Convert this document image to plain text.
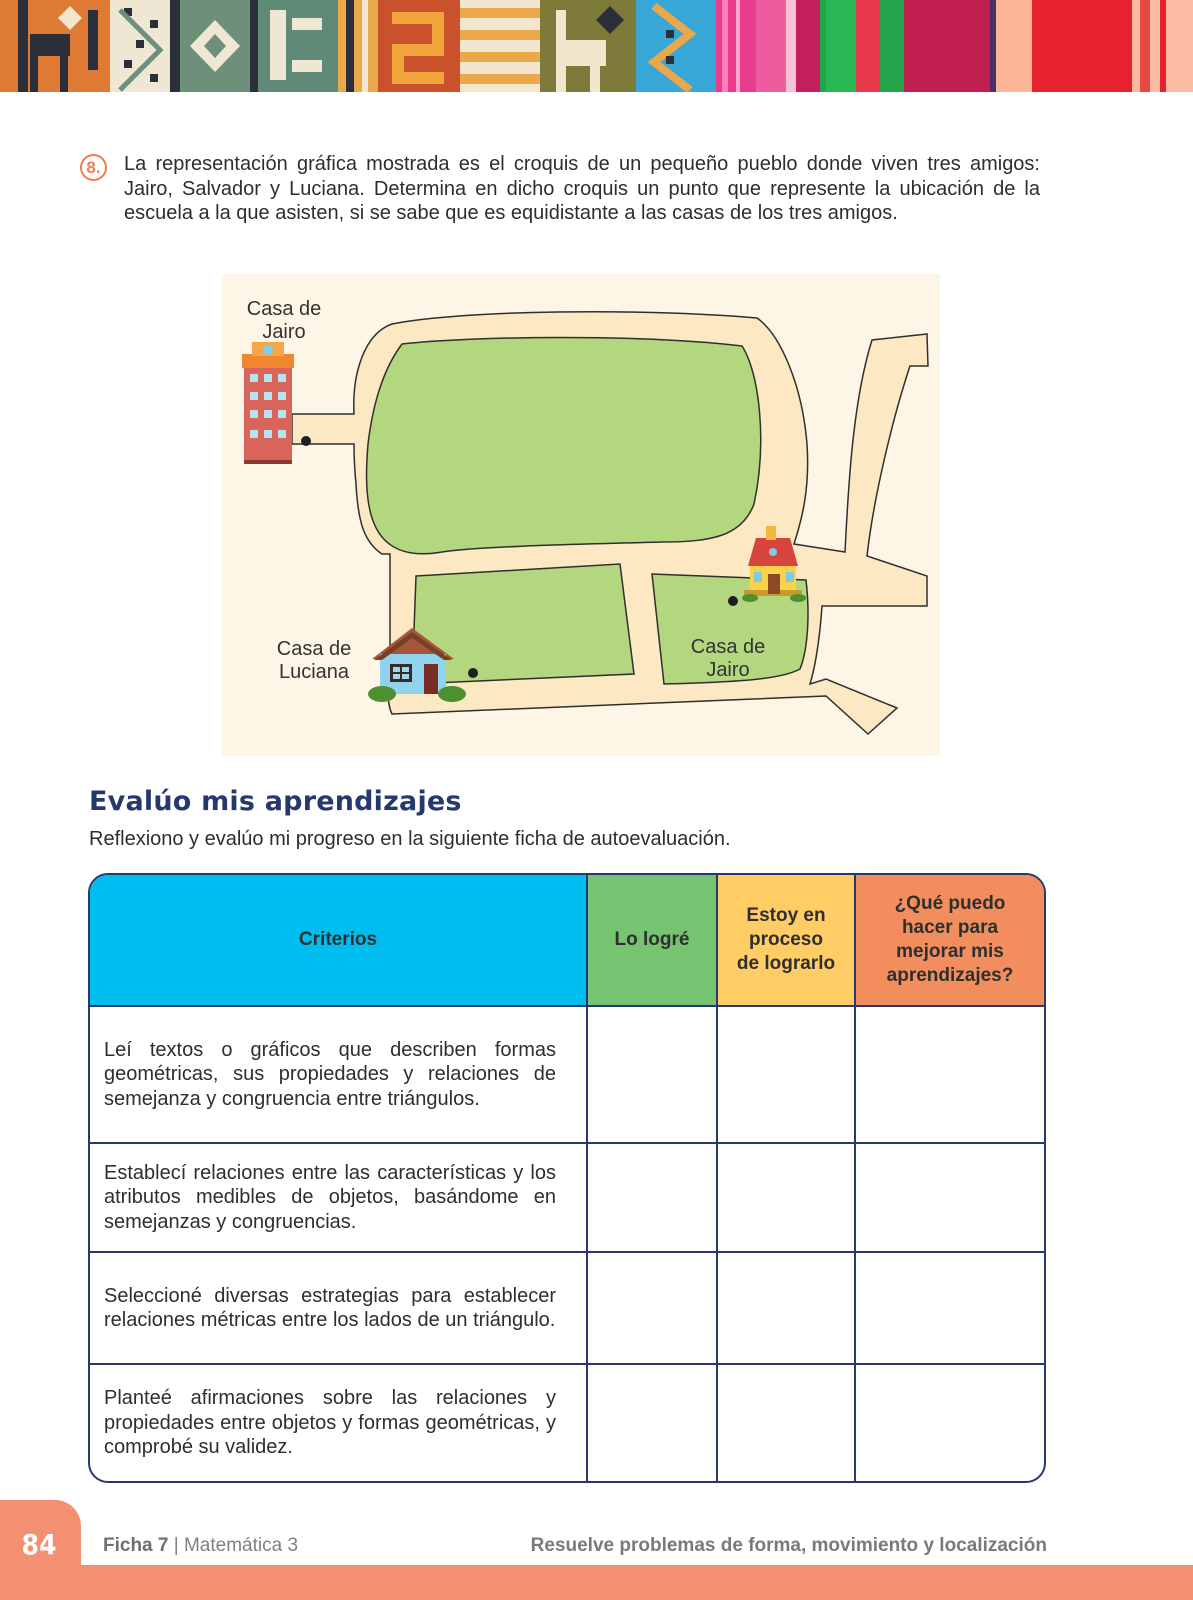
8.	La representación gráfica mostrada es el croquis de un pequeño pueblo donde viven tres amigos: Jairo, Salvador y Luciana. Determina en dicho croquis un punto que represente la ubicación de la escuela a la que asisten, si se sabe que es equidistante a las casas de los tres amigos.

Casa de
Jairo
Casa de
Luciana
Casa de
Jairo
Evalúo mis aprendizajes

Reflexiono y evalúo mi progreso en la siguiente ficha de autoevaluación.

Criterios	Lo logré	Estoy en
proceso
de lograrlo	¿Qué puedo
hacer para
mejorar mis
aprendizajes?
Leí textos o gráficos que describen formas geométricas, sus propiedades y relaciones de semejanza y congruencia entre triángulos.			
Establecí relaciones entre las características y los atributos medibles de objetos, basándome en semejanzas y congruencias.			
Seleccioné diversas estrategias para establecer relaciones métricas entre los lados de un triángulo.			
Planteé afirmaciones sobre las relaciones y propiedades entre objetos y formas geométricas, y comprobé su validez.			
84	Ficha 7 | Matemática 3	Resuelve problemas de forma, movimiento y localización
